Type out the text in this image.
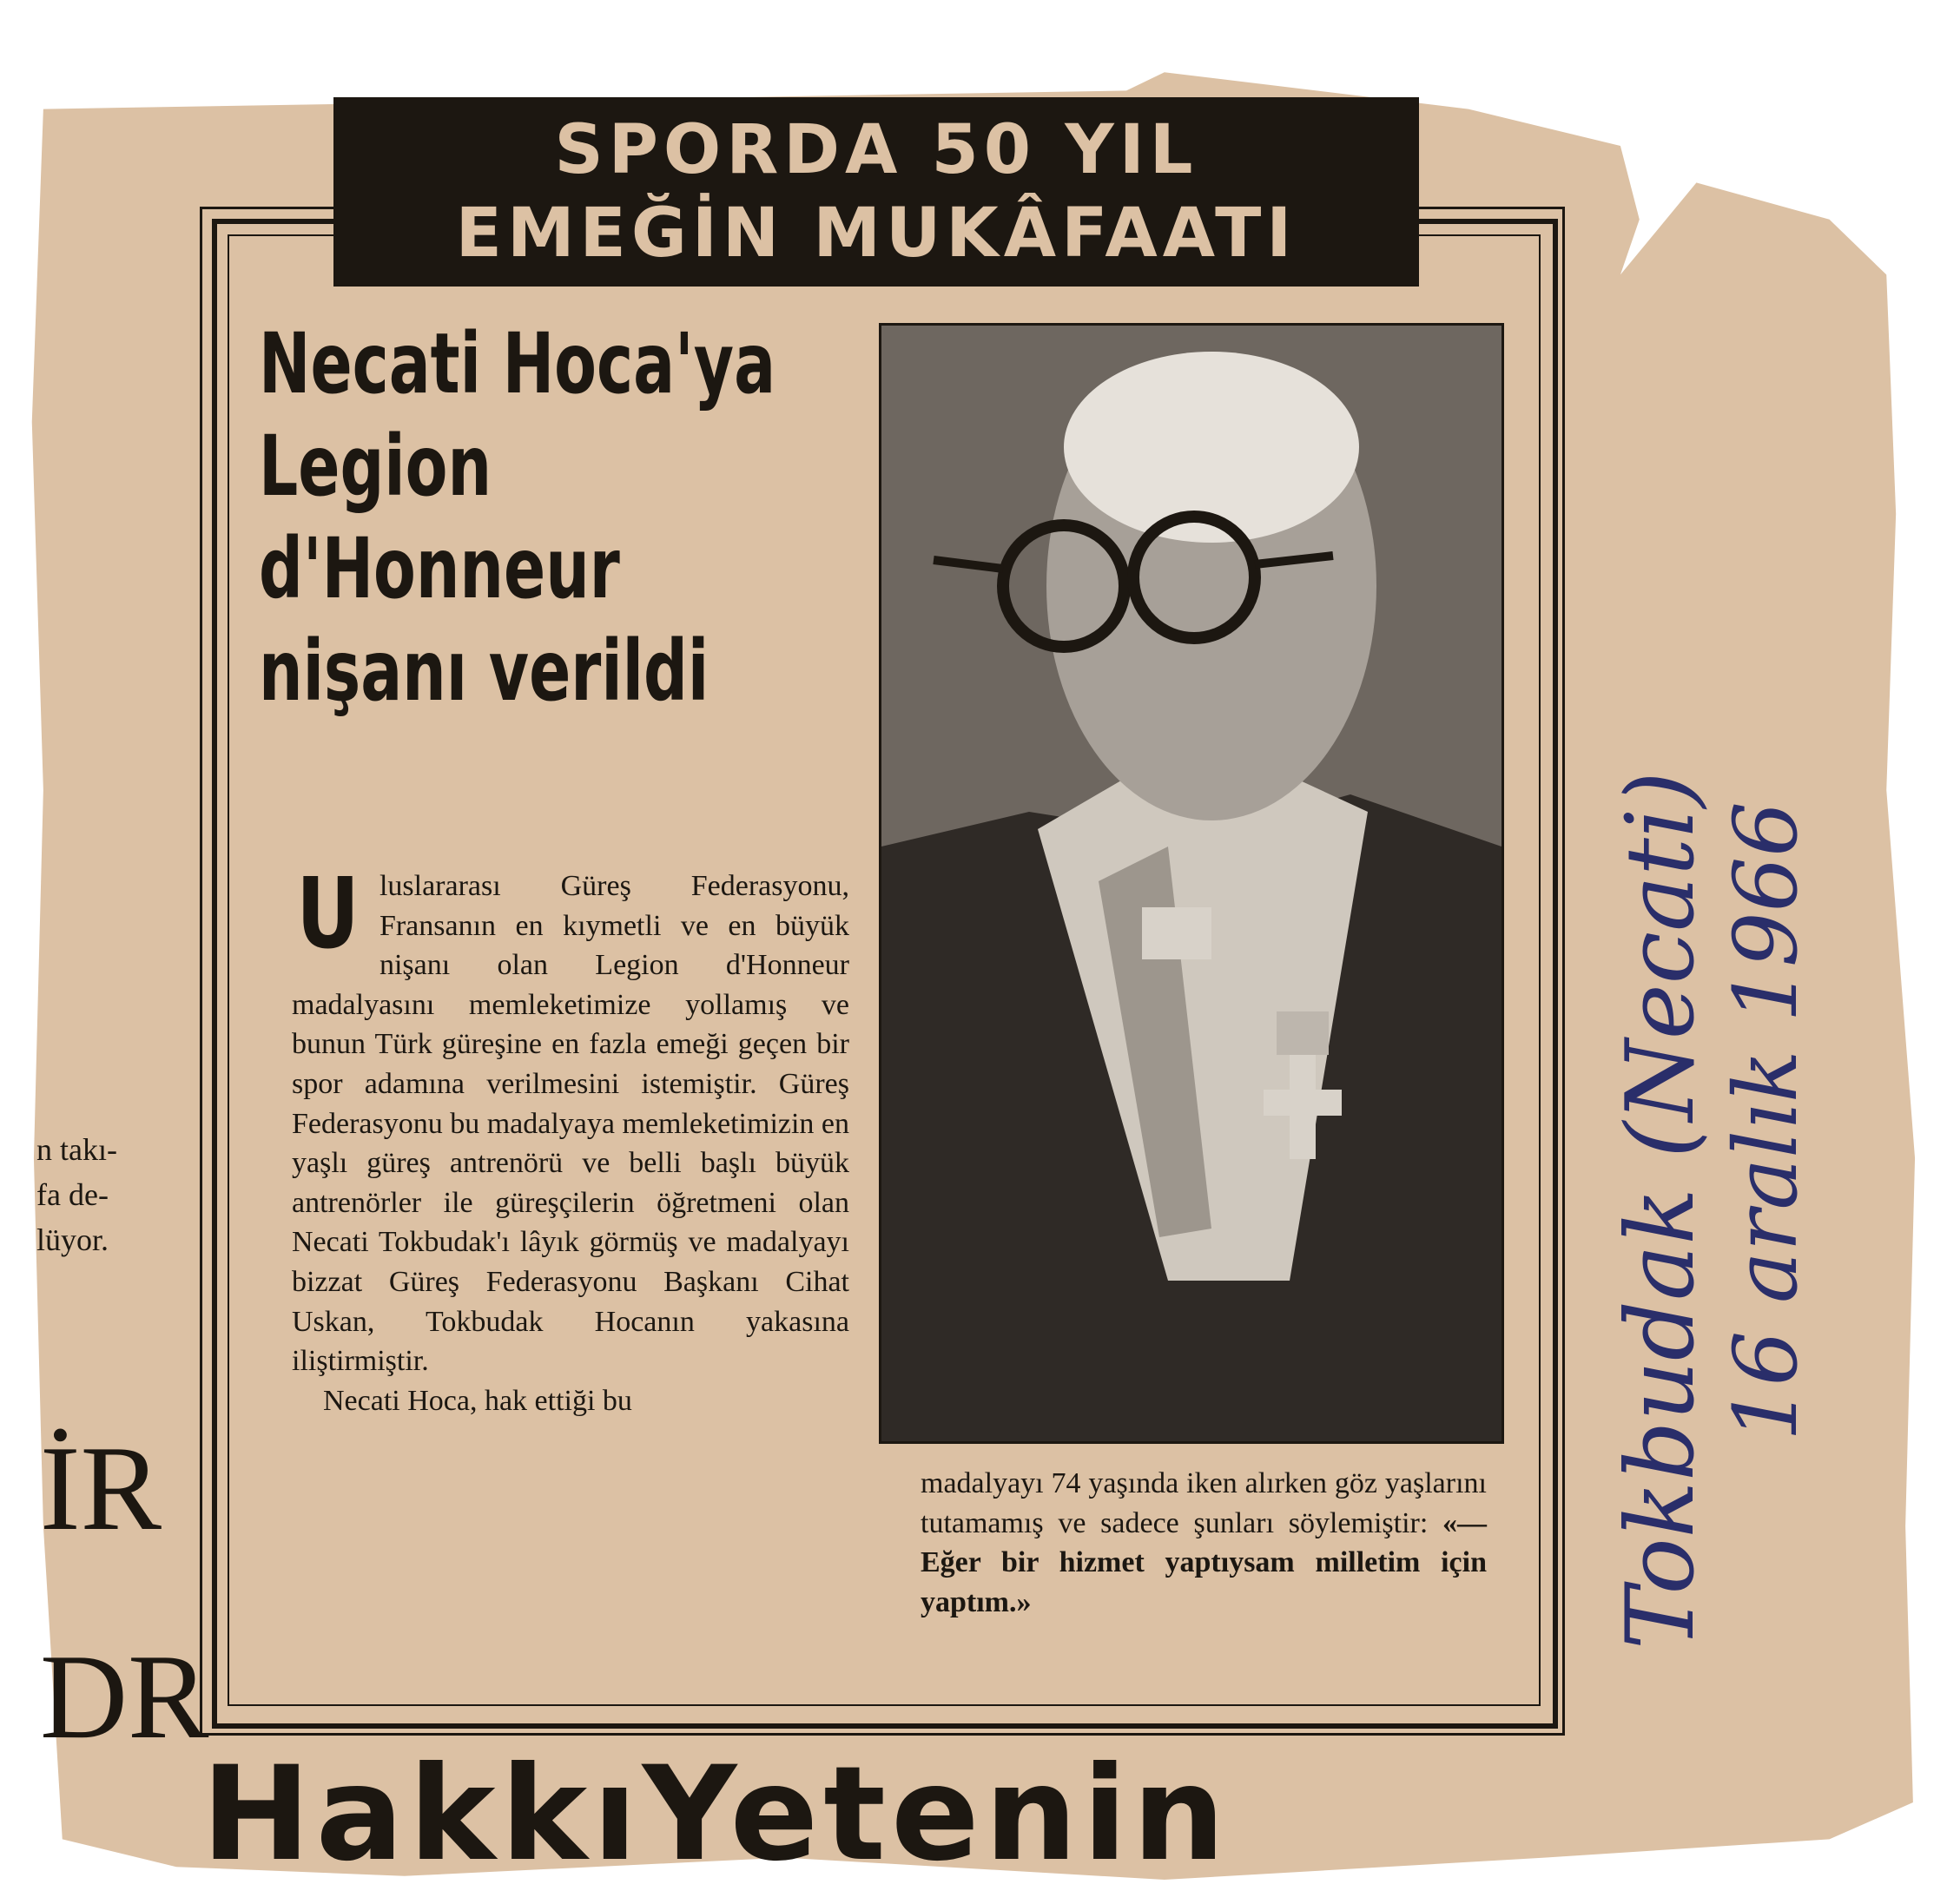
n takı-
fa de-
lüyor.
İR
DR
SPORDA 50 YIL
EMEĞİN MUKÂFAATI
Necati Hoca'ya
Legion
d'Honneur
nişanı verildi

Uluslararası Güreş Federasyonu, Fransanın en kıymetli ve en büyük nişanı olan Legion d'Honneur madalyasını memleketimize yollamış ve bunun Türk güreşine en fazla emeği geçen bir spor adamına verilmesini istemiştir. Güreş Federasyonu bu madalyaya memleketimizin en yaşlı güreş antrenörü ve belli başlı büyük antrenörler ile güreşçilerin öğretmeni olan Necati Tokbudak'ı lâyık görmüş ve madalyayı bizzat Güreş Federasyonu Başkanı Cihat Uskan, Tokbudak Hocanın yakasına iliştirmiştir.

Necati Hoca, hak ettiği bu

madalyayı 74 yaşında iken alırken göz yaşlarını tutamamış ve sadece şunları söylemiştir: «— Eğer bir hizmet yaptıysam milletim için yaptım.»
HakkıYetenin
Tokbudak (Necati) 16 aralık 1966
